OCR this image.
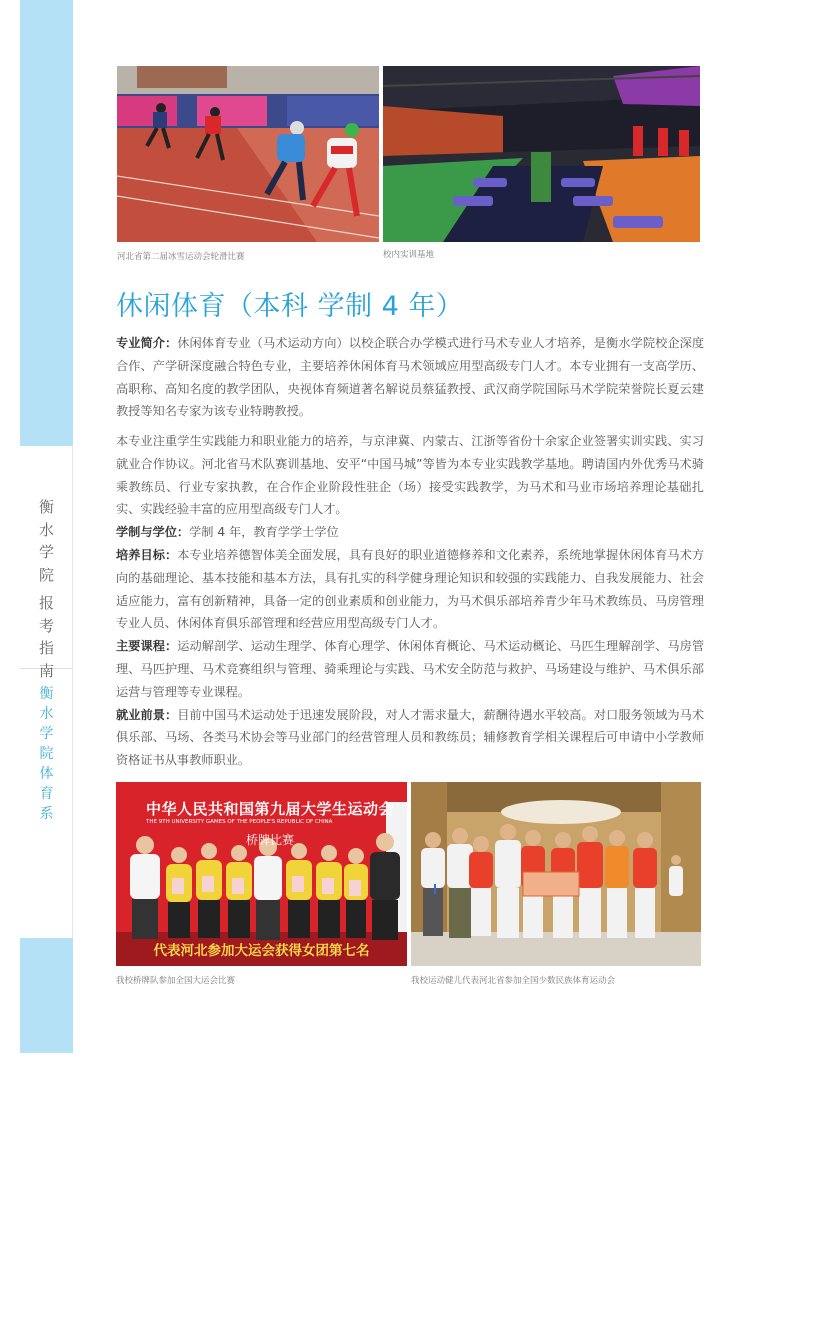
衡
水
学
院
报
考
指
南
衡
水
学
院
体
育
系
河北省第二届冰雪运动会轮滑比赛	校内实训基地
休闲体育（本科 学制 4 年）

专业简介：休闲体育专业（马术运动方向）以校企联合办学模式进行马术专业人才培养，是衡水学院校企深度合作、产学研深度融合特色专业，主要培养休闲体育马术领域应用型高级专门人才。本专业拥有一支高学历、高职称、高知名度的教学团队，央视体育频道著名解说员蔡猛教授、武汉商学院国际马术学院荣誉院长夏云建教授等知名专家为该专业特聘教授。

本专业注重学生实践能力和职业能力的培养，与京津冀、内蒙古、江浙等省份十余家企业签署实训实践、实习就业合作协议。河北省马术队赛训基地、安平“中国马城”等皆为本专业实践教学基地。聘请国内外优秀马术骑乘教练员、行业专家执教，在合作企业阶段性驻企（场）接受实践教学，为马术和马业市场培养理论基础扎实、实践经验丰富的应用型高级专门人才。

学制与学位：学制 4 年，教育学学士学位

培养目标：本专业培养德智体美全面发展，具有良好的职业道德修养和文化素养，系统地掌握休闲体育马术方向的基础理论、基本技能和基本方法，具有扎实的科学健身理论知识和较强的实践能力、自我发展能力、社会适应能力，富有创新精神，具备一定的创业素质和创业能力，为马术俱乐部培养青少年马术教练员、马房管理专业人员、休闲体育俱乐部管理和经营应用型高级专门人才。

主要课程：运动解剖学、运动生理学、体育心理学、休闲体育概论、马术运动概论、马匹生理解剖学、马房管理、马匹护理、马术竞赛组织与管理、骑乘理论与实践、马术安全防范与救护、马场建设与维护、马术俱乐部运营与管理等专业课程。

就业前景：目前中国马术运动处于迅速发展阶段，对人才需求量大，薪酬待遇水平较高。对口服务领域为马术俱乐部、马场、各类马术协会等马业部门的经营管理人员和教练员；辅修教育学相关课程后可申请中小学教师资格证书从事教师职业。

中华人民共和国第九届大学生运动会
THE 9TH UNIVERSITY GAMES OF THE PEOPLE'S REPUBLIC OF CHINA
桥牌比赛
代表河北参加大运会获得女团第七名
我校桥牌队参加全国大运会比赛	我校运动健儿代表河北省参加全国少数民族体育运动会
